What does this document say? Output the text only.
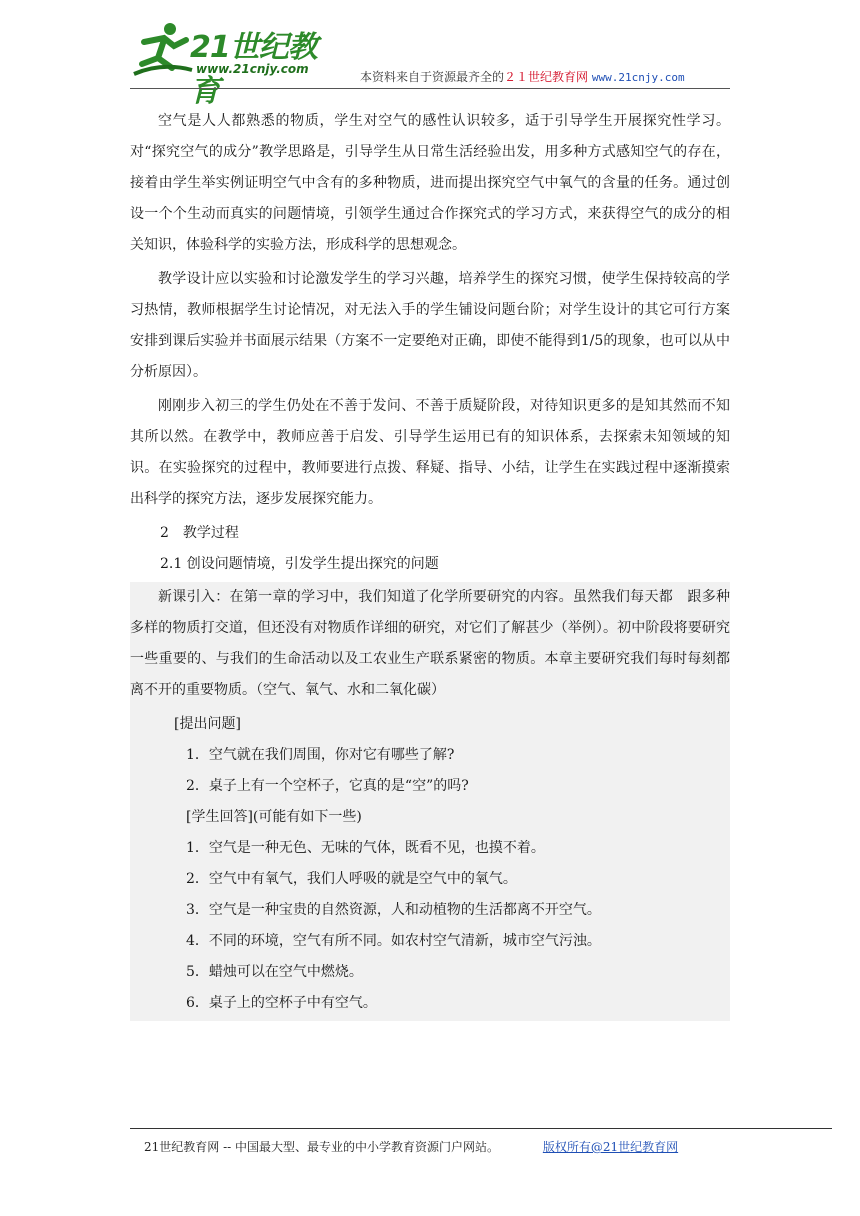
21世纪教育
www.21cnjy.com
本资料来自于资源最齐全的２１世纪教育网 www.21cnjy.com

空气是人人都熟悉的物质，学生对空气的感性认识较多，适于引导学生开展探究性学习。对“探究空气的成分”教学思路是，引导学生从日常生活经验出发，用多种方式感知空气的存在，接着由学生举实例证明空气中含有的多种物质，进而提出探究空气中氧气的含量的任务。通过创设一个个生动而真实的问题情境，引领学生通过合作探究式的学习方式，来获得空气的成分的相关知识，体验科学的实验方法，形成科学的思想观念。

教学设计应以实验和讨论激发学生的学习兴趣，培养学生的探究习惯，使学生保持较高的学习热情，教师根据学生讨论情况，对无法入手的学生铺设问题台阶；对学生设计的其它可行方案安排到课后实验并书面展示结果（方案不一定要绝对正确，即使不能得到1/5的现象，也可以从中分析原因）。

刚刚步入初三的学生仍处在不善于发问、不善于质疑阶段，对待知识更多的是知其然而不知其所以然。在教学中，教师应善于启发、引导学生运用已有的知识体系，去探索未知领域的知识。在实验探究的过程中，教师要进行点拨、释疑、指导、小结，让学生在实践过程中逐渐摸索出科学的探究方法，逐步发展探究能力。

2　教学过程

2.1 创设问题情境，引发学生提出探究的问题

新课引入：在第一章的学习中，我们知道了化学所要研究的内容。虽然我们每天都　跟多种多样的物质打交道，但还没有对物质作详细的研究，对它们了解甚少（举例）。初中阶段将要研究一些重要的、与我们的生命活动以及工农业生产联系紧密的物质。本章主要研究我们每时每刻都离不开的重要物质。（空气、氧气、水和二氧化碳）

[提出问题]

1．空气就在我们周围，你对它有哪些了解?

2．桌子上有一个空杯子，它真的是“空”的吗?

[学生回答](可能有如下一些)

1．空气是一种无色、无味的气体，既看不见，也摸不着。

2．空气中有氧气，我们人呼吸的就是空气中的氧气。

3．空气是一种宝贵的自然资源，人和动植物的生活都离不开空气。

4．不同的环境，空气有所不同。如农村空气清新，城市空气污浊。

5．蜡烛可以在空气中燃烧。

6．桌子上的空杯子中有空气。

21世纪教育网 -- 中国最大型、最专业的中小学教育资源门户网站。	版权所有@21世纪教育网
